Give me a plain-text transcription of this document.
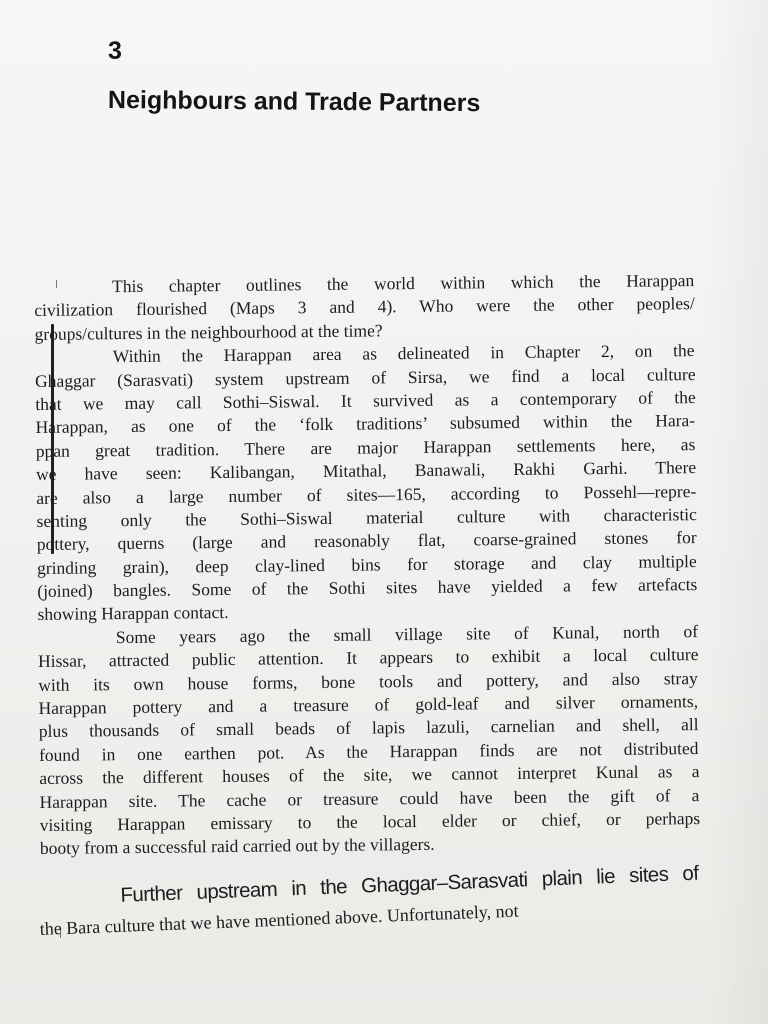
3
Neighbours and Trade Partners
This chapter outlines the world within which the Harappan
civilization flourished (Maps 3 and 4). Who were the other peoples/
groups/cultures in the neighbourhood at the time?
Within the Harappan area as delineated in Chapter 2, on the
Ghaggar (Sarasvati) system upstream of Sirsa, we find a local culture
that we may call Sothi–Siswal. It survived as a contemporary of the
Harappan, as one of the ‘folk traditions’ subsumed within the Hara-
ppan great tradition. There are major Harappan settlements here, as
we have seen: Kalibangan, Mitathal, Banawali, Rakhi Garhi. There
are also a large number of sites—165, according to Possehl—repre-
senting only the Sothi–Siswal material culture with characteristic
pottery, querns (large and reasonably flat, coarse-grained stones for
grinding grain), deep clay-lined bins for storage and clay multiple
(joined) bangles. Some of the Sothi sites have yielded a few artefacts
showing Harappan contact.
Some years ago the small village site of Kunal, north of
Hissar, attracted public attention. It appears to exhibit a local culture
with its own house forms, bone tools and pottery, and also stray
Harappan pottery and a treasure of gold-leaf and silver ornaments,
plus thousands of small beads of lapis lazuli, carnelian and shell, all
found in one earthen pot. As the Harappan finds are not distributed
across the different houses of the site, we cannot interpret Kunal as a
Harappan site. The cache or treasure could have been the gift of a
visiting Harappan emissary to the local elder or chief, or perhaps
booty from a successful raid carried out by the villagers.
Further upstream in the Ghaggar–Sarasvati plain lie sites of
the Bara culture that we have mentioned above. Unfortunately, not
